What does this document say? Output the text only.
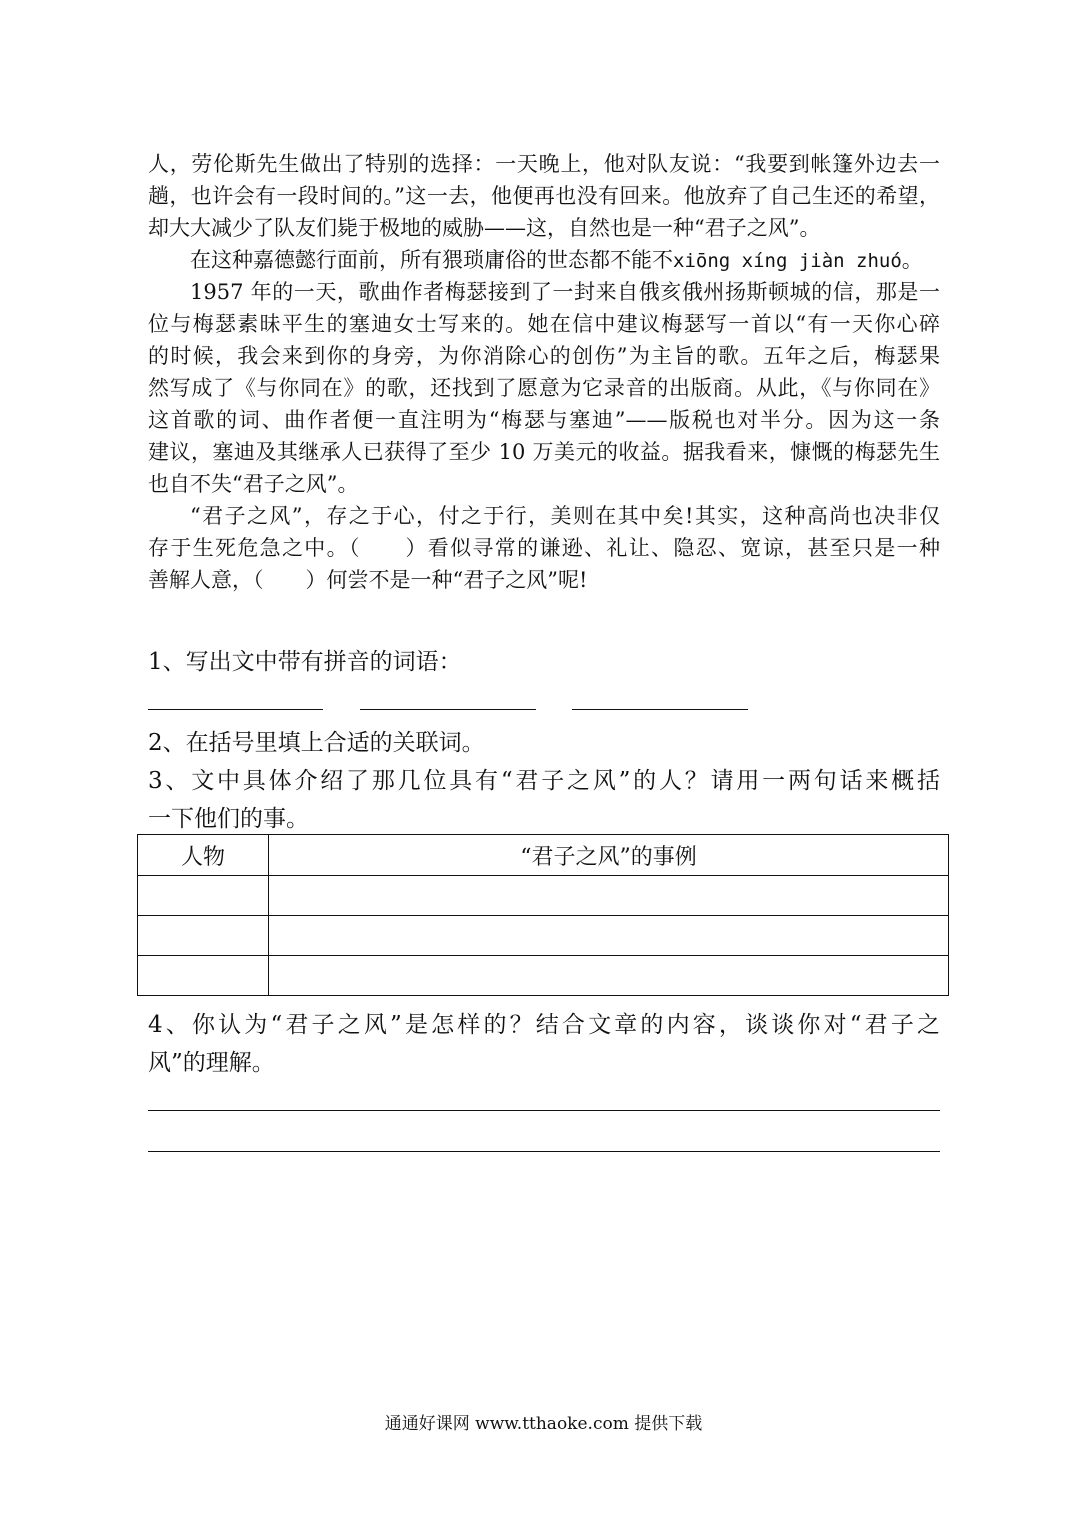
人，劳伦斯先生做出了特别的选择：一天晚上，他对队友说：“我要到帐篷外边去一
趟，也许会有一段时间的。”这一去，他便再也没有回来。他放弃了自己生还的希望，
却大大减少了队友们毙于极地的威胁——这，自然也是一种“君子之风”。
在这种嘉德懿行面前，所有猥琐庸俗的世态都不能不xiōng xíng jiàn zhuó。
1957 年的一天，歌曲作者梅瑟接到了一封来自俄亥俄州扬斯顿城的信，那是一
位与梅瑟素昧平生的塞迪女士写来的。她在信中建议梅瑟写一首以“有一天你心碎
的时候，我会来到你的身旁，为你消除心的创伤”为主旨的歌。五年之后，梅瑟果
然写成了《与你同在》的歌，还找到了愿意为它录音的出版商。从此，《与你同在》
这首歌的词、曲作者便一直注明为“梅瑟与塞迪”——版税也对半分。因为这一条
建议，塞迪及其继承人已获得了至少 10 万美元的收益。据我看来，慷慨的梅瑟先生
也自不失“君子之风”。
“君子之风”，存之于心，付之于行，美则在其中矣!其实，这种高尚也决非仅
存于生死危急之中。（　　）看似寻常的谦逊、礼让、隐忍、宽谅，甚至只是一种
善解人意，（　　）何尝不是一种“君子之风”呢!
1、写出文中带有拼音的词语：
2、在括号里填上合适的关联词。
3、文中具体介绍了那几位具有“君子之风”的人？请用一两句话来概括
一下他们的事。
人物	“君子之风”的事例

4、你认为“君子之风”是怎样的？结合文章的内容，谈谈你对“君子之
风”的理解。
通通好课网 www.tthaoke.com 提供下载
